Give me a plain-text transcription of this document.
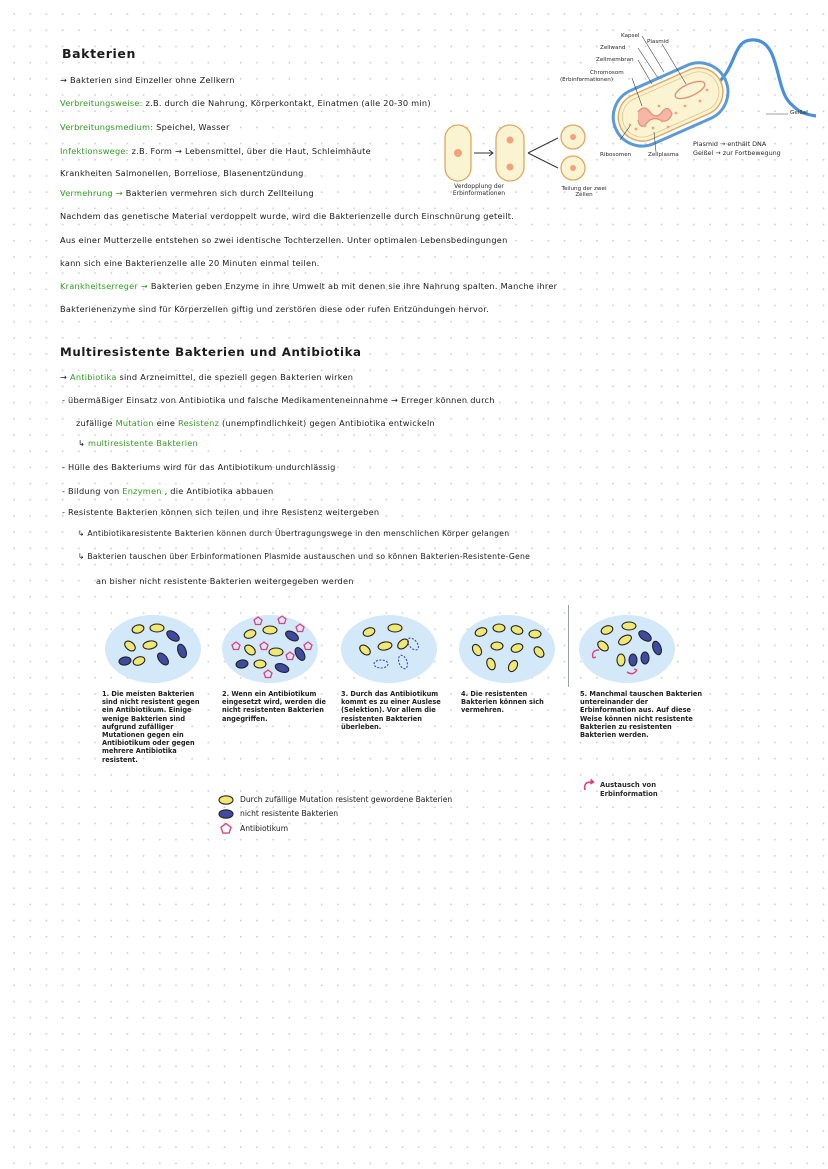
Bakterien
→ Bakterien sind Einzeller ohne Zellkern
Verbreitungsweise: z.B. durch die Nahrung, Körperkontakt, Einatmen (alle 20-30 min)
Verbreitungsmedium: Speichel, Wasser
Infektionswege: z.B. Form → Lebensmittel, über die Haut, Schleimhäute
Krankheiten Salmonellen, Borreliose, Blasenentzündung
Vermehrung → Bakterien vermehren sich durch Zellteilung
Nachdem das genetische Material verdoppelt wurde, wird die Bakterienzelle durch Einschnürung geteilt.
Aus einer Mutterzelle entstehen so zwei identische Tochterzellen. Unter optimalen Lebensbedingungen
kann sich eine Bakterienzelle alle 20 Minuten einmal teilen.
Krankheitserreger → Bakterien geben Enzyme in ihre Umwelt ab mit denen sie ihre Nahrung spalten. Manche ihrer
Bakterienenzyme sind für Körperzellen giftig und zerstören diese oder rufen Entzündungen hervor.
Kapsel
Zellwand
Zellmembran
Chromosom
(Erbinformationen)
Plasmid
Geißel
Ribosomen	Zellplasma
Plasmid → enthält DNA
Geißel → zur Fortbewegung
Verdopplung der Erbinformationen
Teilung der zwei Zellen
Multiresistente Bakterien und Antibiotika
→ Antibiotika sind Arzneimittel, die speziell gegen Bakterien wirken
- übermäßiger Einsatz von Antibiotika und falsche Medikamenteneinnahme → Erreger können durch
zufällige Mutation eine Resistenz (unempfindlichkeit) gegen Antibiotika entwickeln
↳ multiresistente Bakterien
- Hülle des Bakteriums wird für das Antibiotikum undurchlässig
- Bildung von Enzymen , die Antibiotika abbauen
- Resistente Bakterien können sich teilen und ihre Resistenz weitergeben
↳ Antibiotikaresistente Bakterien können durch Übertragungswege in den menschlichen Körper gelangen
↳ Bakterien tauschen über Erbinformationen Plasmide austauschen und so können Bakterien-Resistente-Gene
an bisher nicht resistente Bakterien weitergegeben werden
1. Die meisten Bakterien sind nicht resistent gegen ein Antibiotikum. Einige wenige Bakterien sind aufgrund zufälliger Mutationen gegen ein Antibiotikum oder gegen mehrere Antibiotika resistent.
2. Wenn ein Antibiotikum eingesetzt wird, werden die nicht resistenten Bakterien angegriffen.
3. Durch das Antibiotikum kommt es zu einer Auslese (Selektion). Vor allem die resistenten Bakterien überleben.
4. Die resistenten Bakterien können sich vermehren.
5. Manchmal tauschen Bakterien untereinander der Erbinformation aus. Auf diese Weise können nicht resistente Bakterien zu resistenten Bakterien werden.
Durch zufällige Mutation resistent gewordene Bakterien
nicht resistente Bakterien
Antibiotikum
Austausch von Erbinformation
